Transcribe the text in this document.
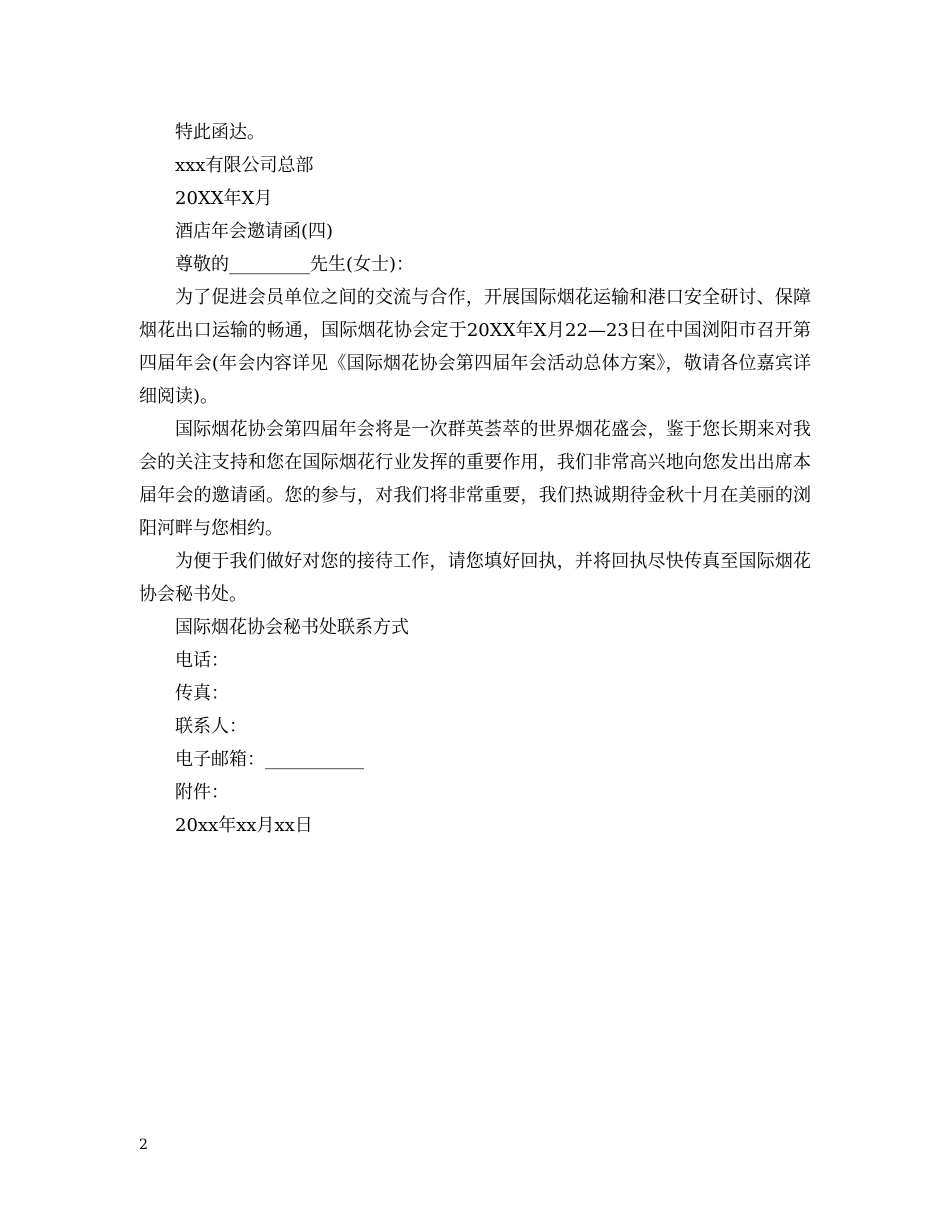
特此函达。

xxx有限公司总部

20XX年X月

酒店年会邀请函(四)

尊敬的_________先生(女士)：

为了促进会员单位之间的交流与合作，开展国际烟花运输和港口安全研讨、保障烟花出口运输的畅通，国际烟花协会定于20XX年X月22—23日在中国浏阳市召开第四届年会(年会内容详见《国际烟花协会第四届年会活动总体方案》，敬请各位嘉宾详细阅读)。

国际烟花协会第四届年会将是一次群英荟萃的世界烟花盛会，鉴于您长期来对我会的关注支持和您在国际烟花行业发挥的重要作用，我们非常高兴地向您发出出席本届年会的邀请函。您的参与，对我们将非常重要，我们热诚期待金秋十月在美丽的浏阳河畔与您相约。

为便于我们做好对您的接待工作，请您填好回执，并将回执尽快传真至国际烟花协会秘书处。

国际烟花协会秘书处联系方式

电话：

传真：

联系人：

电子邮箱：___________

附件：

20xx年xx月xx日

2
